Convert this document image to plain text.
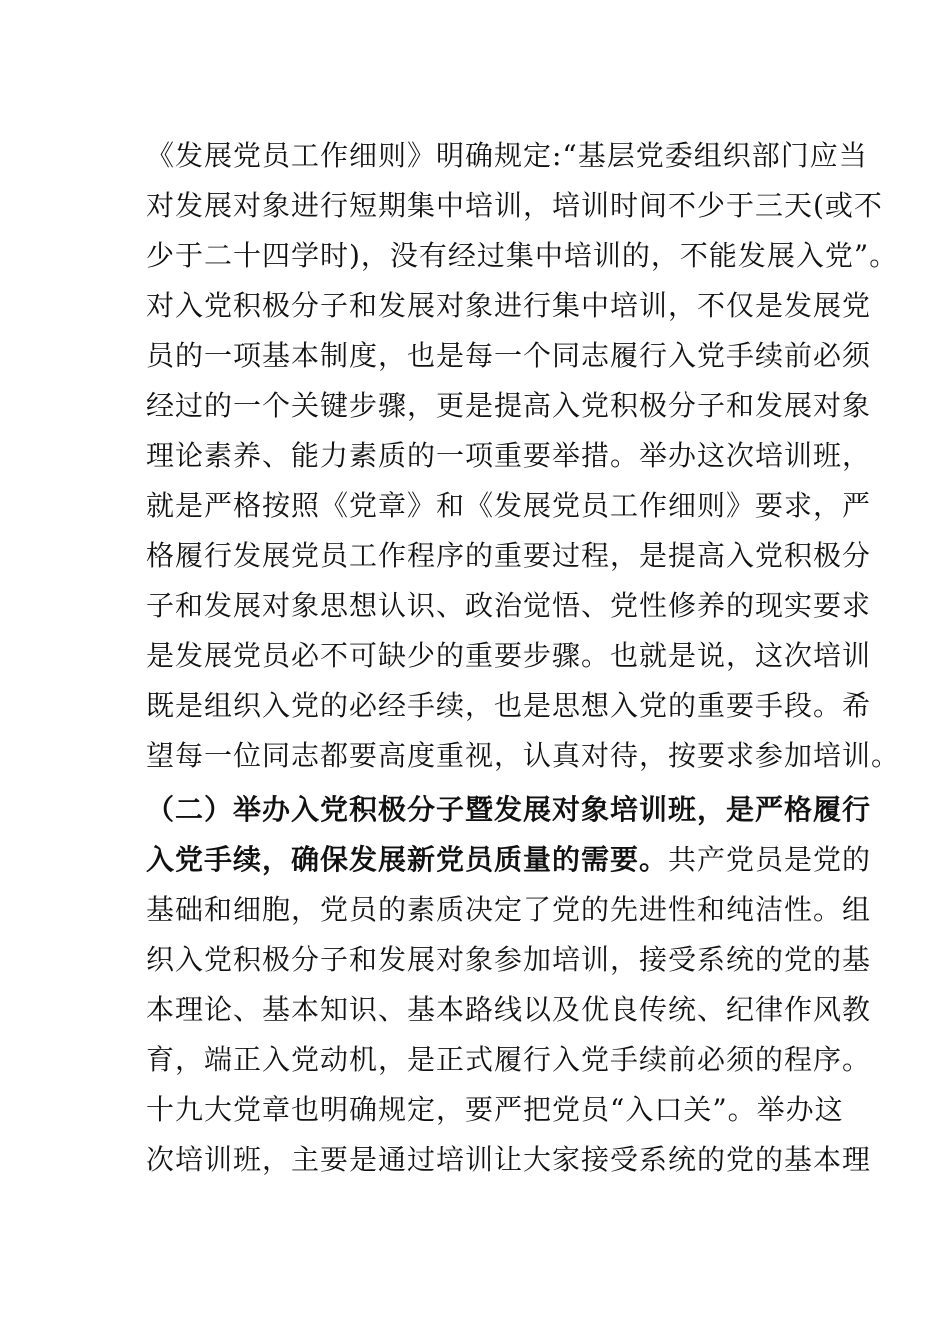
《发展党员工作细则》明确规定:“基层党委组织部门应当
对发展对象进行短期集中培训，培训时间不少于三天(或不
少于二十四学时)，没有经过集中培训的，不能发展入党”。
对入党积极分子和发展对象进行集中培训，不仅是发展党
员的一项基本制度，也是每一个同志履行入党手续前必须
经过的一个关键步骤，更是提高入党积极分子和发展对象
理论素养、能力素质的一项重要举措。举办这次培训班，
就是严格按照《党章》和《发展党员工作细则》要求，严
格履行发展党员工作程序的重要过程，是提高入党积极分
子和发展对象思想认识、政治觉悟、党性修养的现实要求
是发展党员必不可缺少的重要步骤。也就是说，这次培训
既是组织入党的必经手续，也是思想入党的重要手段。希
望每一位同志都要高度重视，认真对待，按要求参加培训。
（二）举办入党积极分子暨发展对象培训班，是严格履行
入党手续，确保发展新党员质量的需要。共产党员是党的
基础和细胞，党员的素质决定了党的先进性和纯洁性。组
织入党积极分子和发展对象参加培训，接受系统的党的基
本理论、基本知识、基本路线以及优良传统、纪律作风教
育，端正入党动机，是正式履行入党手续前必须的程序。
十九大党章也明确规定，要严把党员“入口关”。举办这
次培训班，主要是通过培训让大家接受系统的党的基本理
